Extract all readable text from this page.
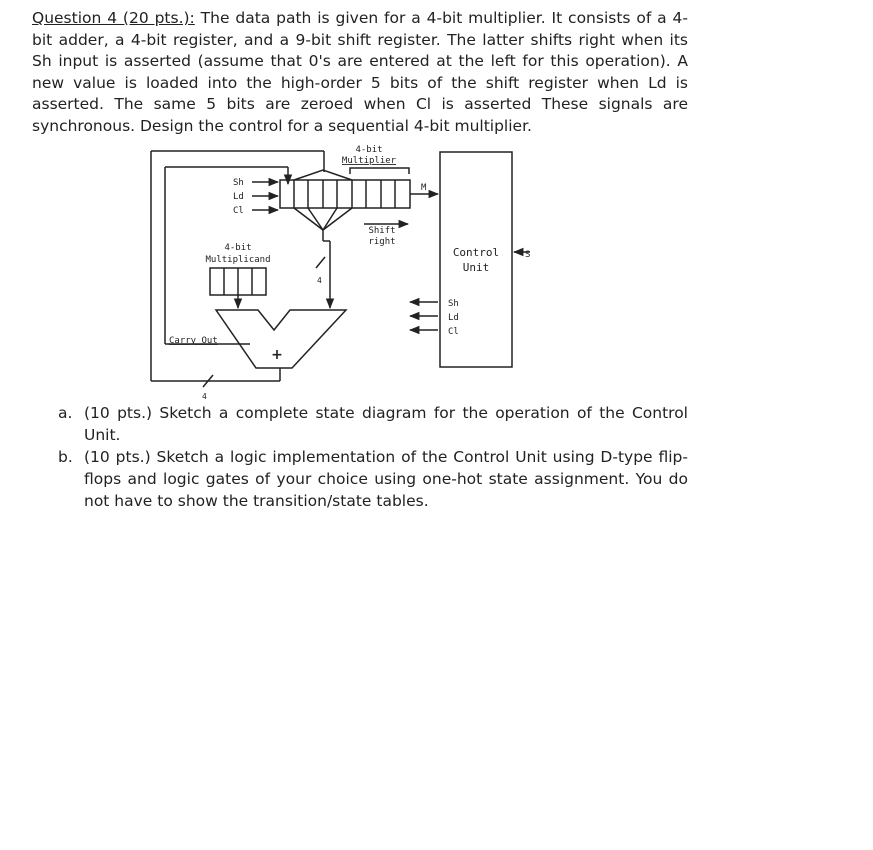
Question 4 (20 pts.): The data path is given for a 4-bit multiplier. It consists of a 4-bit adder, a 4-bit register, and a 9-bit shift register. The latter shifts right when its Sh input is asserted (assume that 0's are entered at the left for this operation). A new value is loaded into the high-order 5 bits of the shift register when Ld is asserted. The same 5 bits are zeroed when Cl is asserted These signals are synchronous. Design the control for a sequential 4-bit multiplier.

4-bit
Multiplier
M
Sh
Ld
Cl
Shift
right
4-bit
Multiplicand
4
4
Carry Out
+
Control
Unit
S
Sh
Ld
Cl
a. (10 pts.) Sketch a complete state diagram for the operation of the Control Unit.
b. (10 pts.) Sketch a logic implementation of the Control Unit using D-type flip-flops and logic gates of your choice using one-hot state assignment. You do not have to show the transition/state tables.
